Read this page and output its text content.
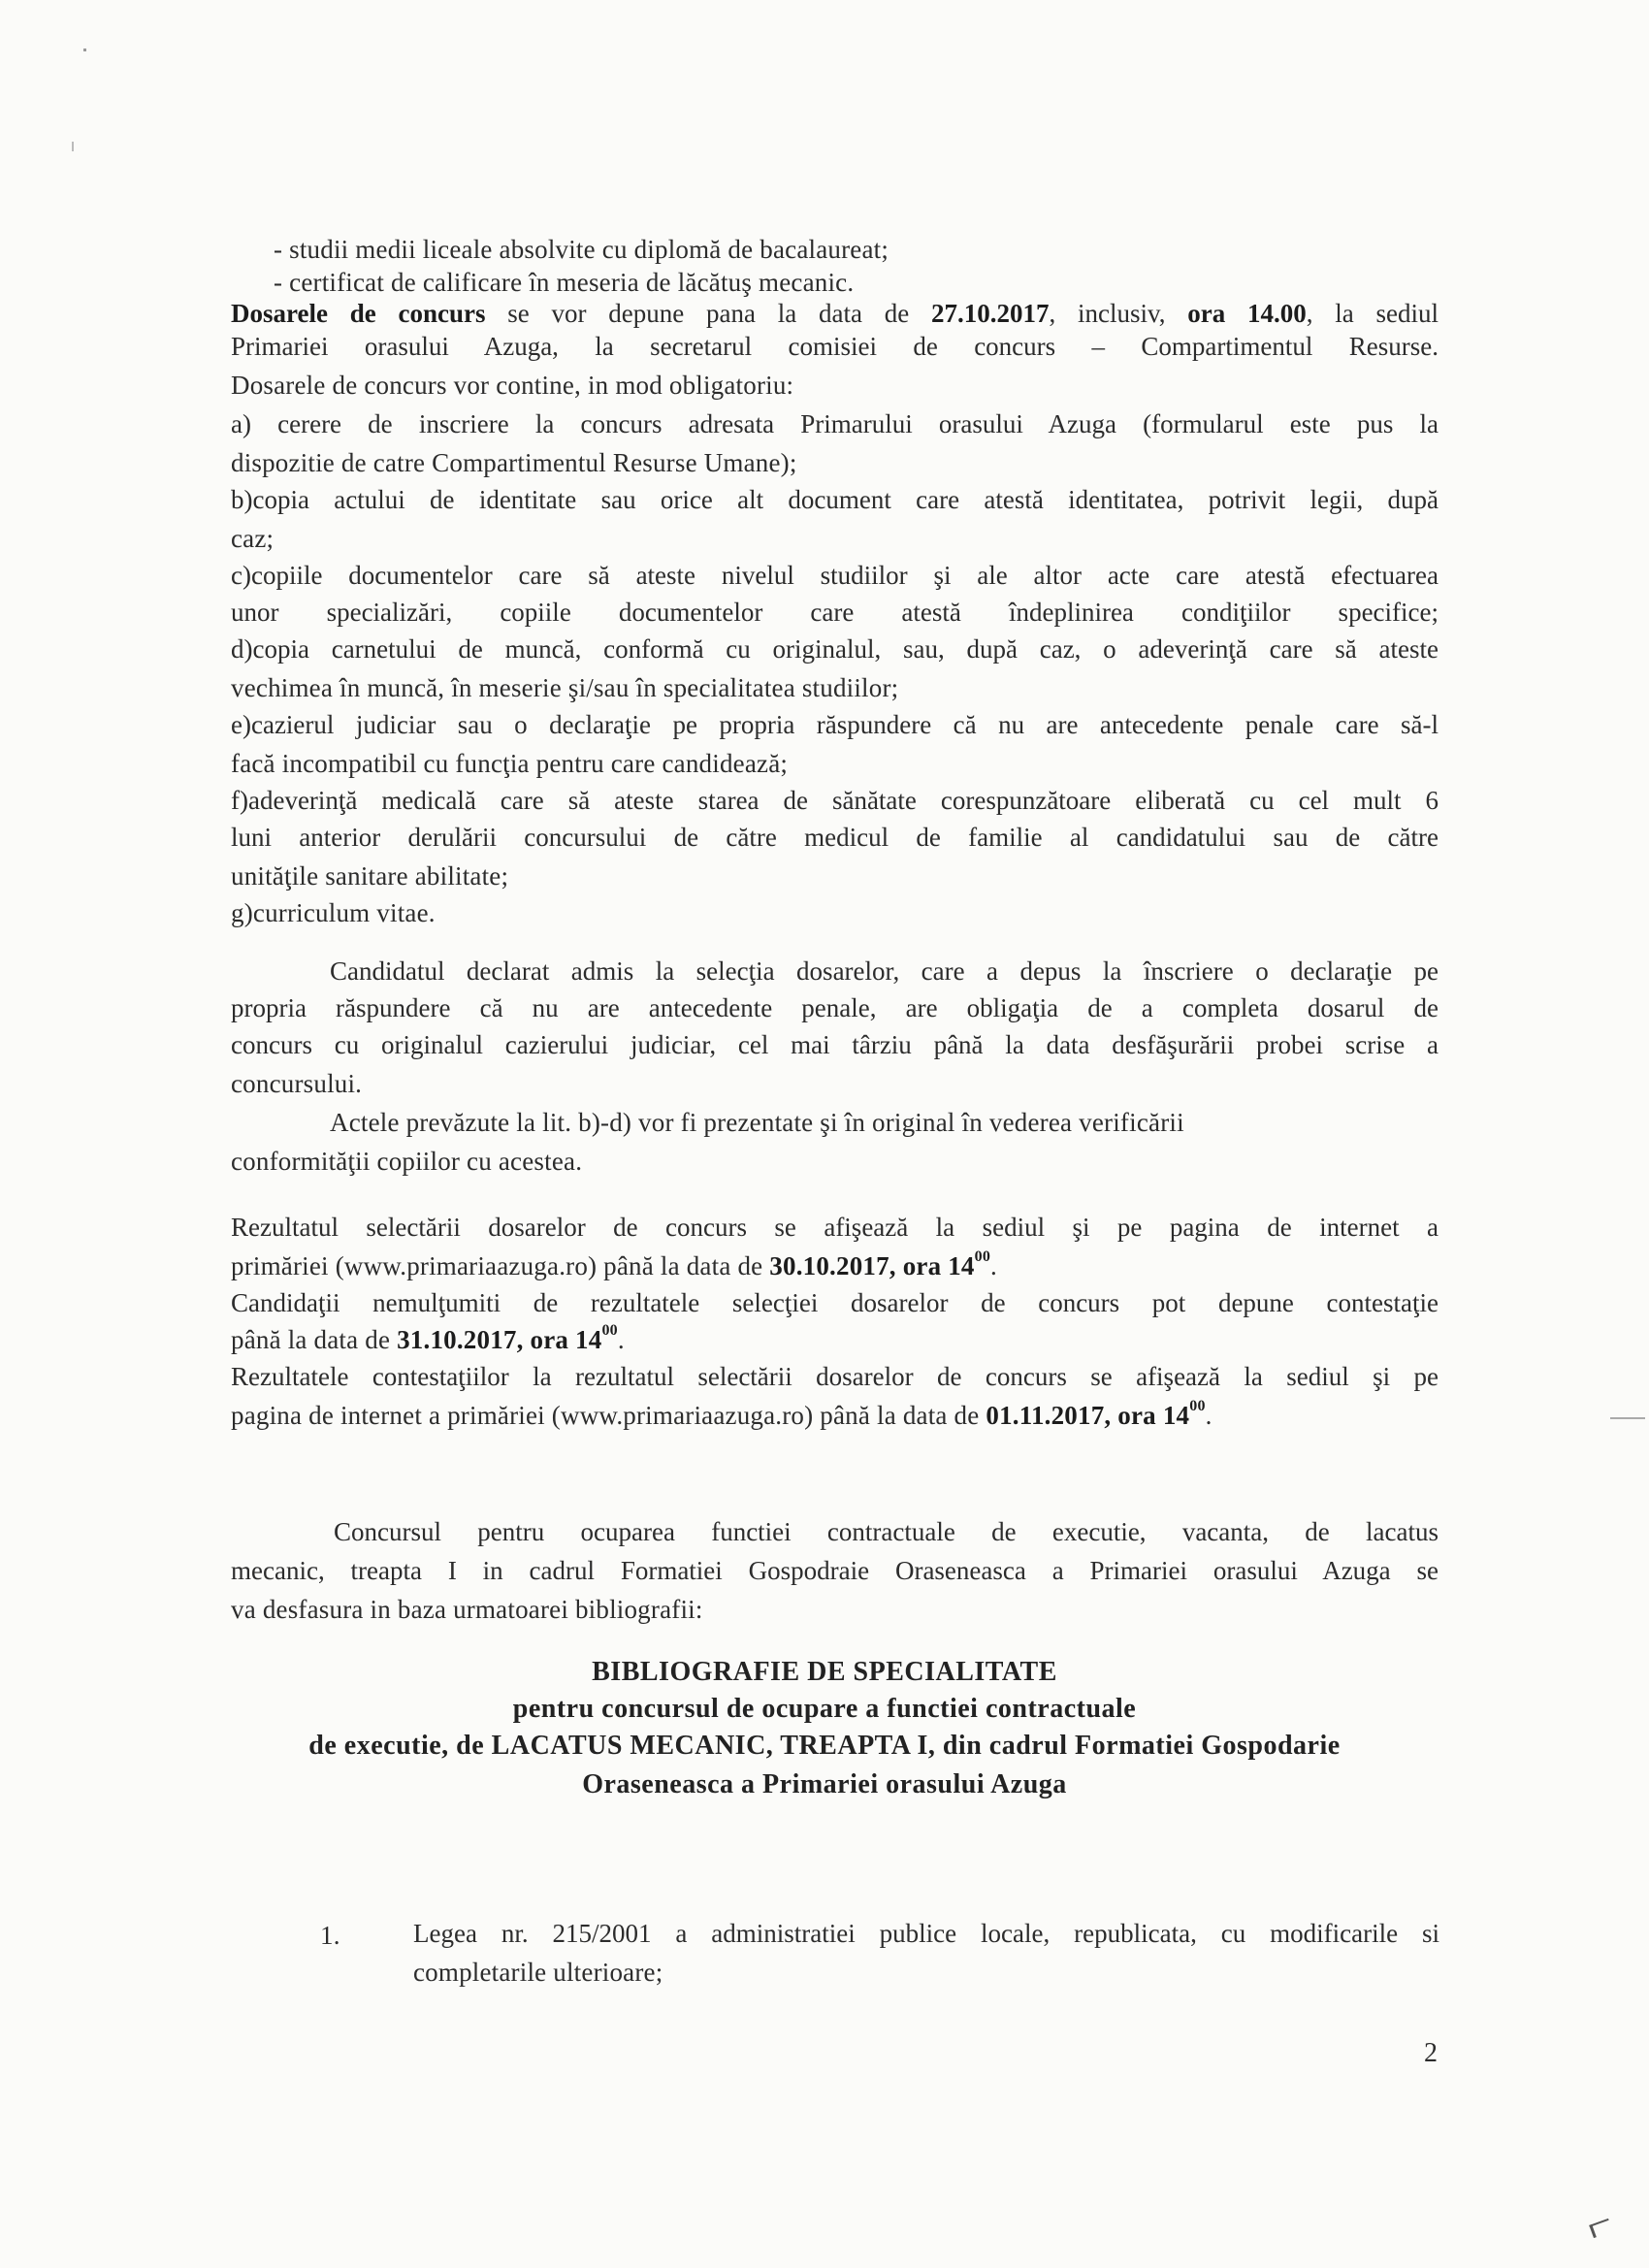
- studii medii liceale absolvite cu diplomă de bacalaureat;
- certificat de calificare în meseria de lăcătuş mecanic.
Dosarele de concurs se vor depune pana la data de 27.10.2017, inclusiv, ora 14.00, la sediul
Primariei orasului Azuga, la secretarul comisiei de concurs – Compartimentul Resurse.
Dosarele de concurs vor contine, in mod obligatoriu:
a) cerere de inscriere la concurs adresata Primarului orasului Azuga (formularul este pus la
dispozitie de catre Compartimentul Resurse Umane);
b)copia actului de identitate sau orice alt document care atestă identitatea, potrivit legii, după
caz;
c)copiile documentelor care să ateste nivelul studiilor şi ale altor acte care atestă efectuarea
unor specializări, copiile documentelor care atestă îndeplinirea condiţiilor specifice;
d)copia carnetului de muncă, conformă cu originalul, sau, după caz, o adeverinţă care să ateste
vechimea în muncă, în meserie şi/sau în specialitatea studiilor;
e)cazierul judiciar sau o declaraţie pe propria răspundere că nu are antecedente penale care să-l
facă incompatibil cu funcţia pentru care candidează;
f)adeverinţă medicală care să ateste starea de sănătate corespunzătoare eliberată cu cel mult 6
luni anterior derulării concursului de către medicul de familie al candidatului sau de către
unităţile sanitare abilitate;
g)curriculum vitae.
Candidatul declarat admis la selecţia dosarelor, care a depus la înscriere o declaraţie pe
propria răspundere că nu are antecedente penale, are obligaţia de a completa dosarul de
concurs cu originalul cazierului judiciar, cel mai târziu până la data desfăşurării probei scrise a
concursului.
Actele prevăzute la lit. b)-d) vor fi prezentate şi în original în vederea verificării
conformităţii copiilor cu acestea.
Rezultatul selectării dosarelor de concurs se afişează la sediul şi pe pagina de internet a
primăriei (www.primariaazuga.ro) până la data de 30.10.2017, ora $14^{00}$.
Candidaţii nemulţumiti de rezultatele selecţiei dosarelor de concurs pot depune contestaţie
până la data de 31.10.2017, ora $14^{00}$.
Rezultatele contestaţiilor la rezultatul selectării dosarelor de concurs se afişează la sediul şi pe
pagina de internet a primăriei (www.primariaazuga.ro) până la data de 01.11.2017, ora $14^{00}$.
Concursul pentru ocuparea functiei contractuale de executie, vacanta, de lacatus
mecanic, treapta I in cadrul Formatiei Gospodraie Oraseneasca a Primariei orasului Azuga se
va desfasura in baza urmatoarei bibliografii:
BIBLIOGRAFIE DE SPECIALITATE
pentru concursul de ocupare a functiei contractuale
de executie, de LACATUS MECANIC, TREAPTA I, din cadrul Formatiei Gospodarie
Oraseneasca a Primariei orasului Azuga
1.	Legea nr. 215/2001 a administratiei publice locale, republicata, cu modificarile si
completarile ulterioare;
2
